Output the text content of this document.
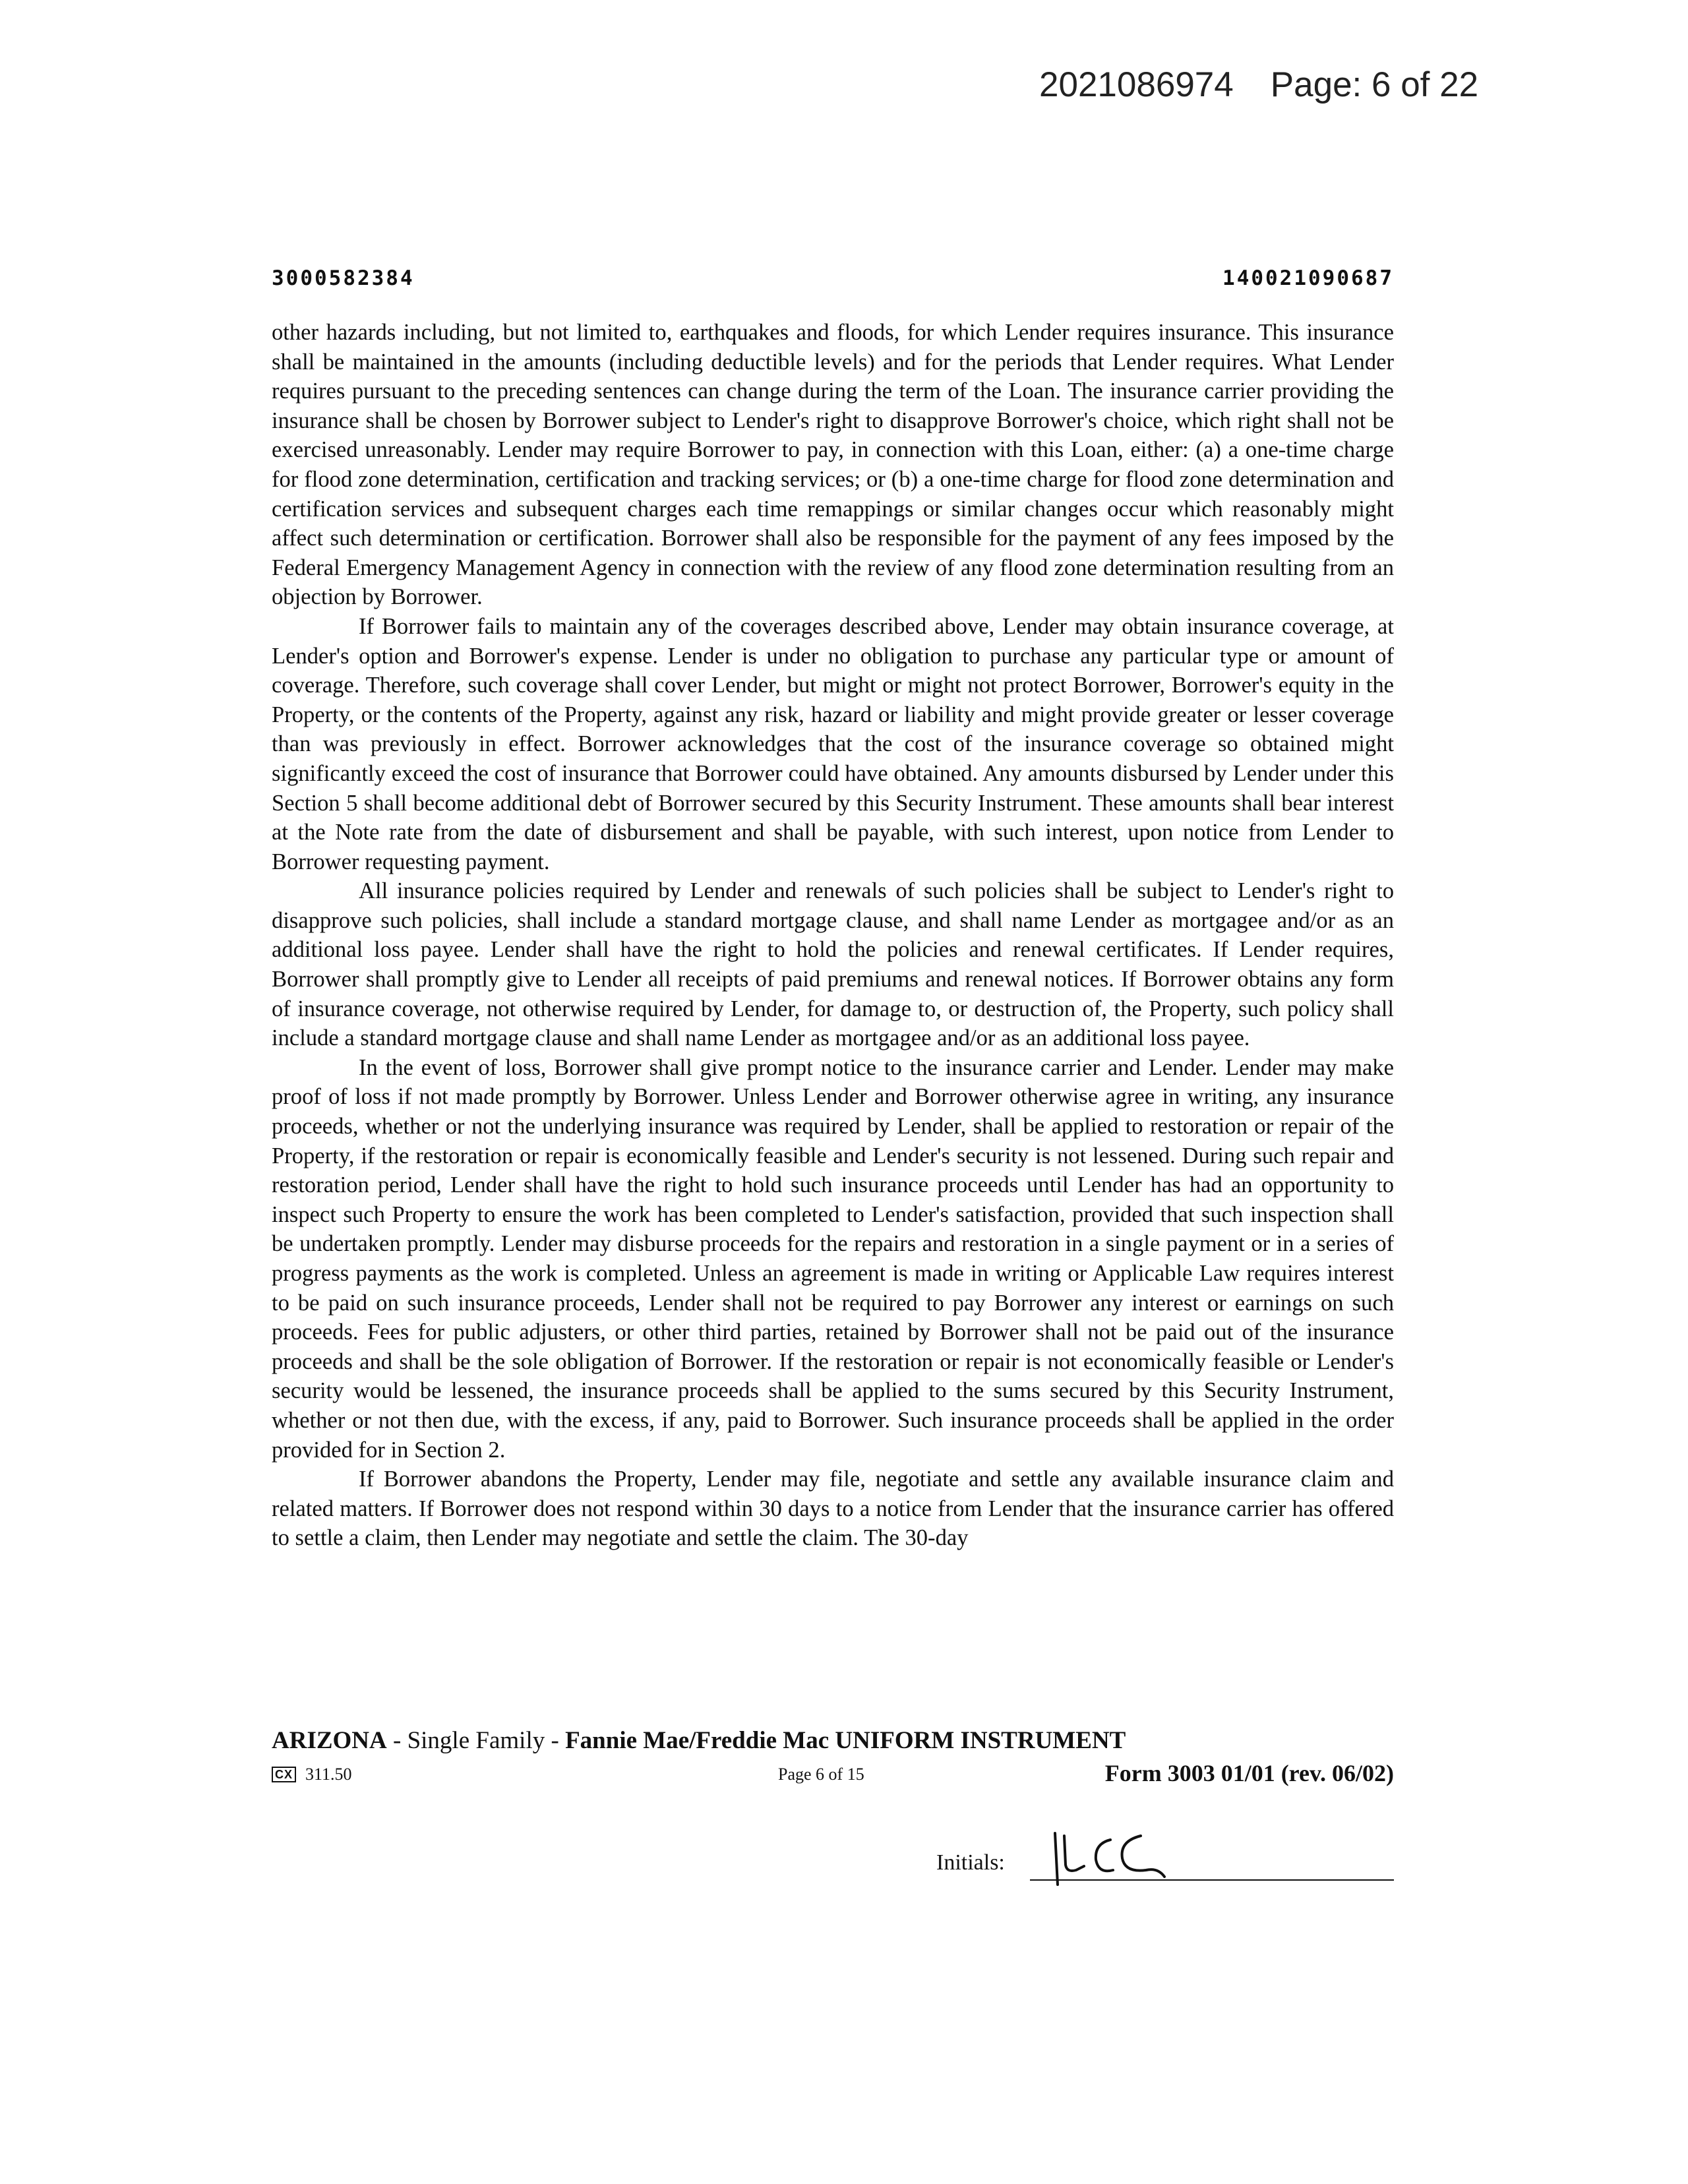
2021086974 Page: 6 of 22
3000582384	140021090687

other hazards including, but not limited to, earthquakes and floods, for which Lender requires insurance. This insurance shall be maintained in the amounts (including deductible levels) and for the periods that Lender requires. What Lender requires pursuant to the preceding sentences can change during the term of the Loan. The insurance carrier providing the insurance shall be chosen by Borrower subject to Lender's right to disapprove Borrower's choice, which right shall not be exercised unreasonably. Lender may require Borrower to pay, in connection with this Loan, either: (a) a one-time charge for flood zone determination, certification and tracking services; or (b) a one-time charge for flood zone determination and certification services and subsequent charges each time remappings or similar changes occur which reasonably might affect such determination or certification. Borrower shall also be responsible for the payment of any fees imposed by the Federal Emergency Management Agency in connection with the review of any flood zone determination resulting from an objection by Borrower.

If Borrower fails to maintain any of the coverages described above, Lender may obtain insurance coverage, at Lender's option and Borrower's expense. Lender is under no obligation to purchase any particular type or amount of coverage. Therefore, such coverage shall cover Lender, but might or might not protect Borrower, Borrower's equity in the Property, or the contents of the Property, against any risk, hazard or liability and might provide greater or lesser coverage than was previously in effect. Borrower acknowledges that the cost of the insurance coverage so obtained might significantly exceed the cost of insurance that Borrower could have obtained. Any amounts disbursed by Lender under this Section 5 shall become additional debt of Borrower secured by this Security Instrument. These amounts shall bear interest at the Note rate from the date of disbursement and shall be payable, with such interest, upon notice from Lender to Borrower requesting payment.

All insurance policies required by Lender and renewals of such policies shall be subject to Lender's right to disapprove such policies, shall include a standard mortgage clause, and shall name Lender as mortgagee and/or as an additional loss payee. Lender shall have the right to hold the policies and renewal certificates. If Lender requires, Borrower shall promptly give to Lender all receipts of paid premiums and renewal notices. If Borrower obtains any form of insurance coverage, not otherwise required by Lender, for damage to, or destruction of, the Property, such policy shall include a standard mortgage clause and shall name Lender as mortgagee and/or as an additional loss payee.

In the event of loss, Borrower shall give prompt notice to the insurance carrier and Lender. Lender may make proof of loss if not made promptly by Borrower. Unless Lender and Borrower otherwise agree in writing, any insurance proceeds, whether or not the underlying insurance was required by Lender, shall be applied to restoration or repair of the Property, if the restoration or repair is economically feasible and Lender's security is not lessened. During such repair and restoration period, Lender shall have the right to hold such insurance proceeds until Lender has had an opportunity to inspect such Property to ensure the work has been completed to Lender's satisfaction, provided that such inspection shall be undertaken promptly. Lender may disburse proceeds for the repairs and restoration in a single payment or in a series of progress payments as the work is completed. Unless an agreement is made in writing or Applicable Law requires interest to be paid on such insurance proceeds, Lender shall not be required to pay Borrower any interest or earnings on such proceeds. Fees for public adjusters, or other third parties, retained by Borrower shall not be paid out of the insurance proceeds and shall be the sole obligation of Borrower. If the restoration or repair is not economically feasible or Lender's security would be lessened, the insurance proceeds shall be applied to the sums secured by this Security Instrument, whether or not then due, with the excess, if any, paid to Borrower. Such insurance proceeds shall be applied in the order provided for in Section 2.

If Borrower abandons the Property, Lender may file, negotiate and settle any available insurance claim and related matters. If Borrower does not respond within 30 days to a notice from Lender that the insurance carrier has offered to settle a claim, then Lender may negotiate and settle the claim. The 30-day

ARIZONA - Single Family - Fannie Mae/Freddie Mac UNIFORM INSTRUMENT
CX 311.50	Page 6 of 15	Form 3003 01/01 (rev. 06/02)
Initials:
